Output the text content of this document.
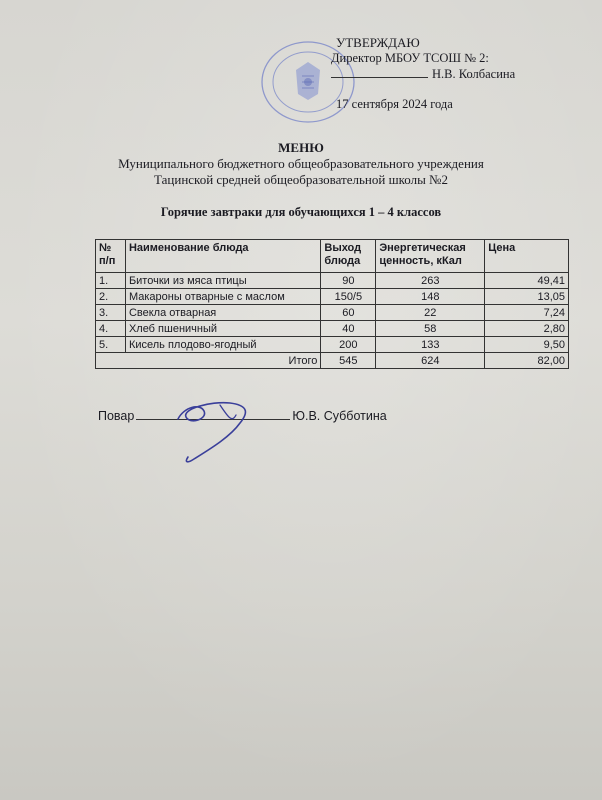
УТВЕРЖДАЮ
Директор МБОУ ТСОШ № 2:
Н.В. Колбасина
17 сентября 2024 года
МЕНЮ
Муниципального бюджетного общеобразовательного учреждения
Тацинской средней общеобразовательной школы №2
Горячие завтраки для обучающихся 1 – 4 классов
№ п/п	Наименование блюда	Выход блюда	Энергетическая ценность, кКал	Цена
1.	Биточки из мяса птицы	90	263	49,41
2.	Макароны отварные с маслом	150/5	148	13,05
3.	Свекла отварная	60	22	7,24
4.	Хлеб пшеничный	40	58	2,80
5.	Кисель плодово-ягодный	200	133	9,50
Итого		545	624	82,00
Повар	Ю.В. Субботина
